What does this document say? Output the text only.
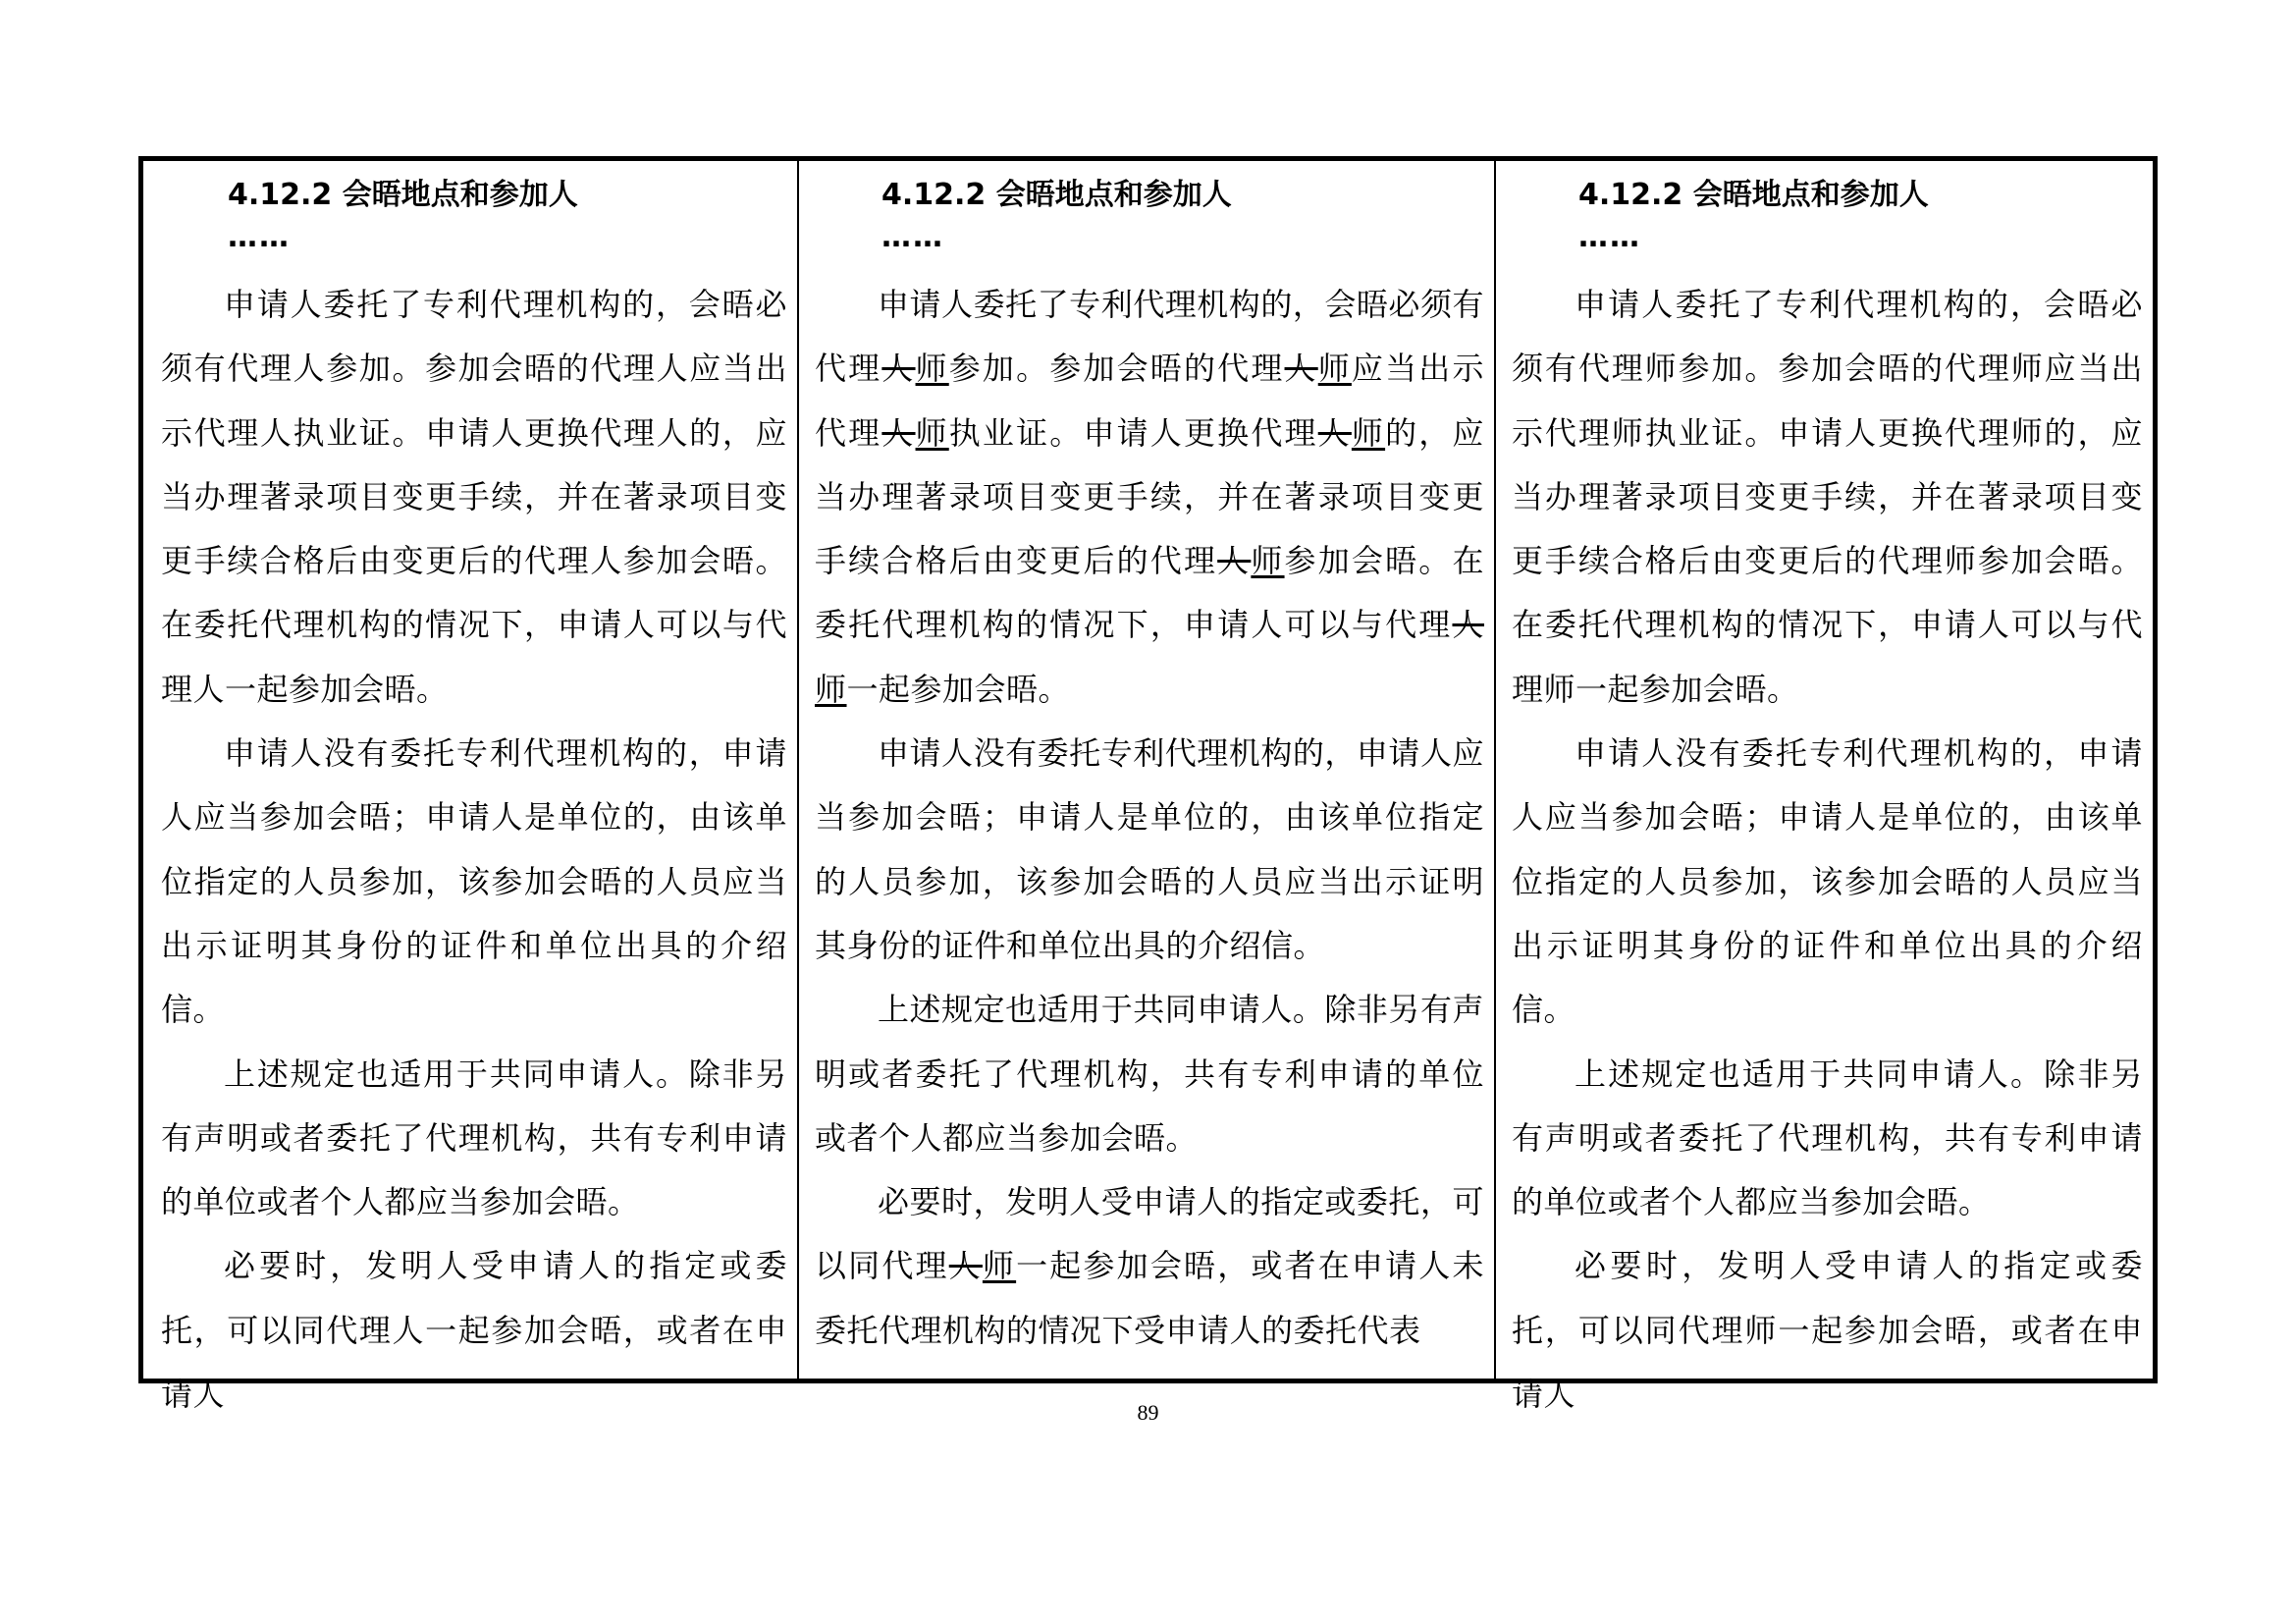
4.12.2 会晤地点和参加人
……

申请人委托了专利代理机构的，会晤必须有代理人参加。参加会晤的代理人应当出示代理人执业证。申请人更换代理人的，应当办理著录项目变更手续，并在著录项目变更手续合格后由变更后的代理人参加会晤。在委托代理机构的情况下，申请人可以与代理人一起参加会晤。

申请人没有委托专利代理机构的，申请人应当参加会晤；申请人是单位的，由该单位指定的人员参加，该参加会晤的人员应当出示证明其身份的证件和单位出具的介绍信。

上述规定也适用于共同申请人。除非另有声明或者委托了代理机构，共有专利申请的单位或者个人都应当参加会晤。

必要时，发明人受申请人的指定或委托，可以同代理人一起参加会晤，或者在申请人

4.12.2 会晤地点和参加人
……

申请人委托了专利代理机构的，会晤必须有代理人师参加。参加会晤的代理人师应当出示代理人师执业证。申请人更换代理人师的，应当办理著录项目变更手续，并在著录项目变更手续合格后由变更后的代理人师参加会晤。在委托代理机构的情况下，申请人可以与代理人师一起参加会晤。

申请人没有委托专利代理机构的，申请人应当参加会晤；申请人是单位的，由该单位指定的人员参加，该参加会晤的人员应当出示证明其身份的证件和单位出具的介绍信。

上述规定也适用于共同申请人。除非另有声明或者委托了代理机构，共有专利申请的单位或者个人都应当参加会晤。

必要时，发明人受申请人的指定或委托，可以同代理人师一起参加会晤，或者在申请人未委托代理机构的情况下受申请人的委托代表

4.12.2 会晤地点和参加人
……

申请人委托了专利代理机构的，会晤必须有代理师参加。参加会晤的代理师应当出示代理师执业证。申请人更换代理师的，应当办理著录项目变更手续，并在著录项目变更手续合格后由变更后的代理师参加会晤。在委托代理机构的情况下，申请人可以与代理师一起参加会晤。

申请人没有委托专利代理机构的，申请人应当参加会晤；申请人是单位的，由该单位指定的人员参加，该参加会晤的人员应当出示证明其身份的证件和单位出具的介绍信。

上述规定也适用于共同申请人。除非另有声明或者委托了代理机构，共有专利申请的单位或者个人都应当参加会晤。

必要时，发明人受申请人的指定或委托，可以同代理师一起参加会晤，或者在申请人

89
